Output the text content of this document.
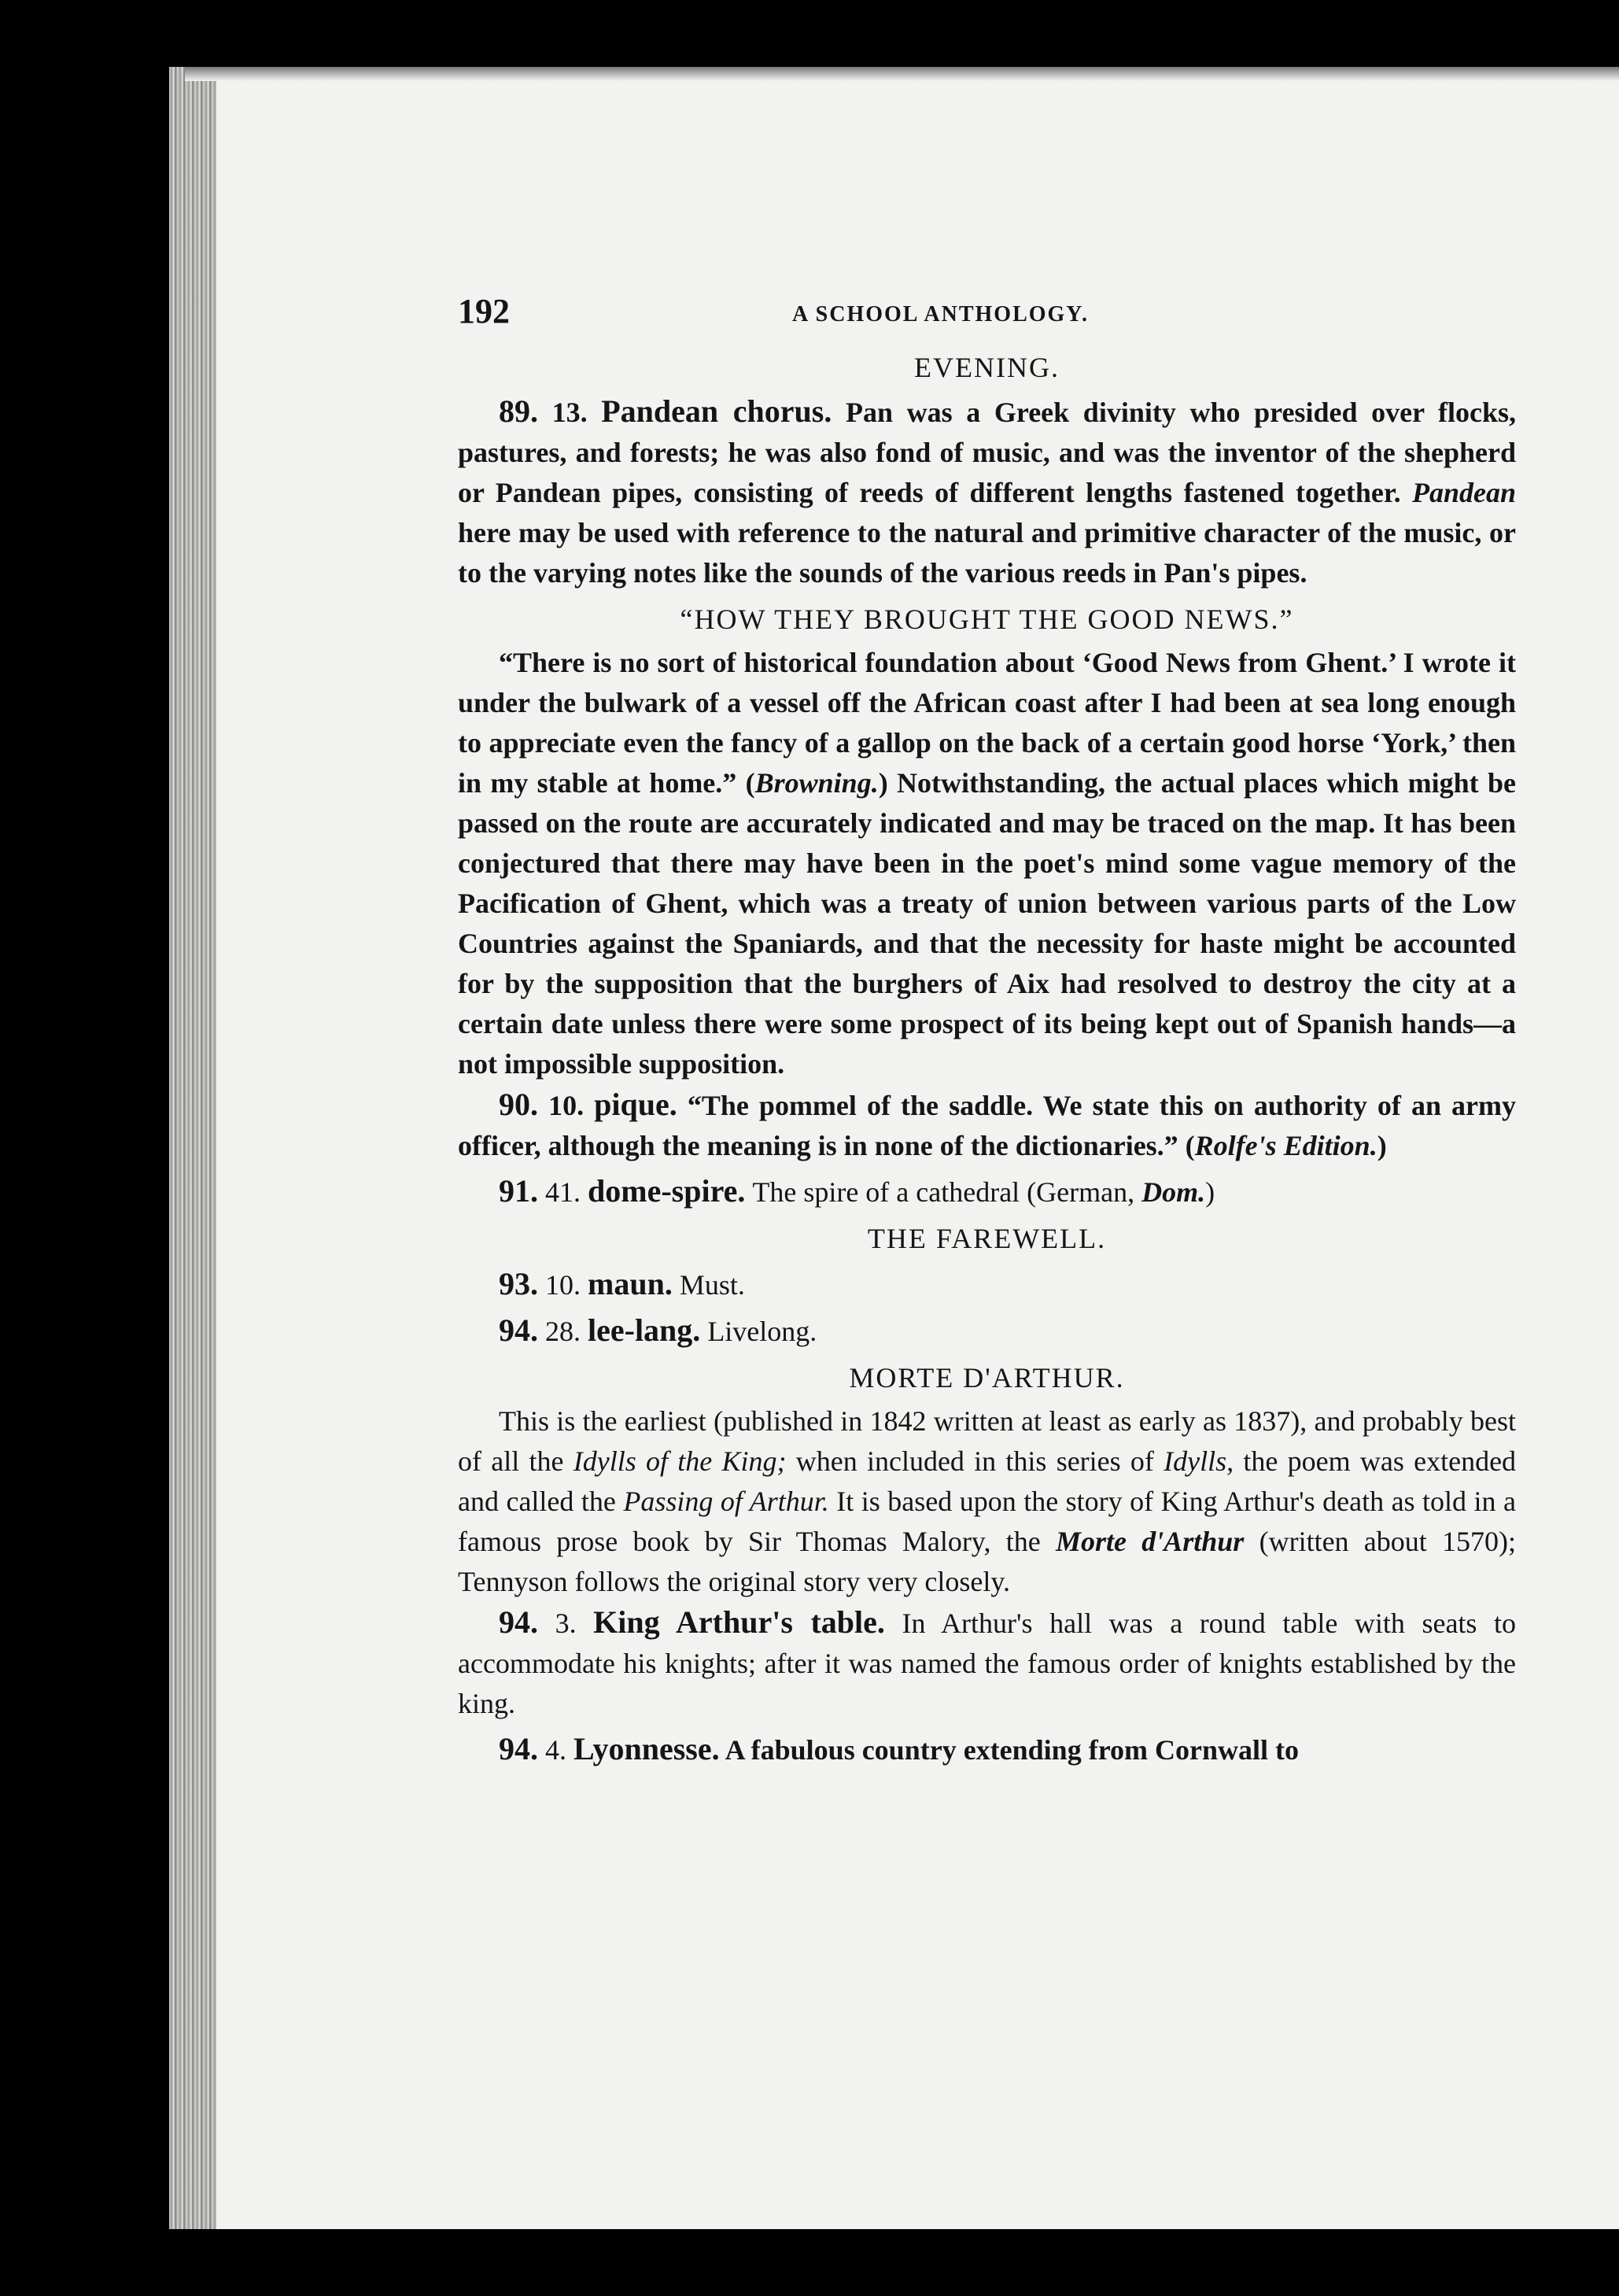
192	A SCHOOL ANTHOLOGY.
EVENING.

89. 13. Pandean chorus. Pan was a Greek divinity who presided over flocks, pastures, and forests; he was also fond of music, and was the inventor of the shepherd or Pandean pipes, consisting of reeds of different lengths fastened together. Pandean here may be used with reference to the natural and primitive character of the music, or to the varying notes like the sounds of the various reeds in Pan's pipes.

“HOW THEY BROUGHT THE GOOD NEWS.”

“There is no sort of historical foundation about ‘Good News from Ghent.’ I wrote it under the bulwark of a vessel off the African coast after I had been at sea long enough to appreciate even the fancy of a gallop on the back of a certain good horse ‘York,’ then in my stable at home.” (Browning.) Notwithstanding, the actual places which might be passed on the route are accurately indicated and may be traced on the map. It has been conjectured that there may have been in the poet's mind some vague memory of the Pacification of Ghent, which was a treaty of union between various parts of the Low Countries against the Spaniards, and that the necessity for haste might be accounted for by the supposition that the burghers of Aix had resolved to destroy the city at a certain date unless there were some prospect of its being kept out of Spanish hands—a not impossible supposition.

90. 10. pique. “The pommel of the saddle. We state this on authority of an army officer, although the meaning is in none of the dictionaries.” (Rolfe's Edition.)

91. 41. dome-spire. The spire of a cathedral (German, Dom.)

THE FAREWELL.

93. 10. maun. Must.

94. 28. lee-lang. Livelong.

MORTE D'ARTHUR.

This is the earliest (published in 1842 written at least as early as 1837), and probably best of all the Idylls of the King; when included in this series of Idylls, the poem was extended and called the Passing of Arthur. It is based upon the story of King Arthur's death as told in a famous prose book by Sir Thomas Malory, the Morte d'Arthur (written about 1570); Tennyson follows the original story very closely.

94. 3. King Arthur's table. In Arthur's hall was a round table with seats to accommodate his knights; after it was named the famous order of knights established by the king.

94. 4. Lyonnesse. A fabulous country extending from Cornwall to
